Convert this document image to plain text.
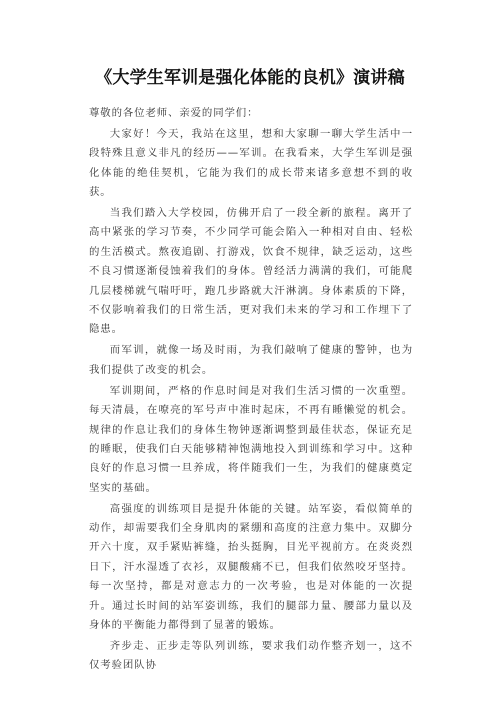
《大学生军训是强化体能的良机》演讲稿

尊敬的各位老师、亲爱的同学们：

大家好！今天，我站在这里，想和大家聊一聊大学生活中一段特殊且意义非凡的经历——军训。在我看来，大学生军训是强化体能的绝佳契机，它能为我们的成长带来诸多意想不到的收获。

当我们踏入大学校园，仿佛开启了一段全新的旅程。离开了高中紧张的学习节奏，不少同学可能会陷入一种相对自由、轻松的生活模式。熬夜追剧、打游戏，饮食不规律，缺乏运动，这些不良习惯逐渐侵蚀着我们的身体。曾经活力满满的我们，可能爬几层楼梯就气喘吁吁，跑几步路就大汗淋漓。身体素质的下降，不仅影响着我们的日常生活，更对我们未来的学习和工作埋下了隐患。

而军训，就像一场及时雨，为我们敲响了健康的警钟，也为我们提供了改变的机会。

军训期间，严格的作息时间是对我们生活习惯的一次重塑。每天清晨，在嘹亮的军号声中准时起床，不再有睡懒觉的机会。规律的作息让我们的身体生物钟逐渐调整到最佳状态，保证充足的睡眠，使我们白天能够精神饱满地投入到训练和学习中。这种良好的作息习惯一旦养成，将伴随我们一生，为我们的健康奠定坚实的基础。

高强度的训练项目是提升体能的关键。站军姿，看似简单的动作，却需要我们全身肌肉的紧绷和高度的注意力集中。双脚分开六十度，双手紧贴裤缝，抬头挺胸，目光平视前方。在炎炎烈日下，汗水湿透了衣衫，双腿酸痛不已，但我们依然咬牙坚持。每一次坚持，都是对意志力的一次考验，也是对体能的一次提升。通过长时间的站军姿训练，我们的腿部力量、腰部力量以及身体的平衡能力都得到了显著的锻炼。

齐步走、正步走等队列训练，要求我们动作整齐划一，这不仅考验团队协
